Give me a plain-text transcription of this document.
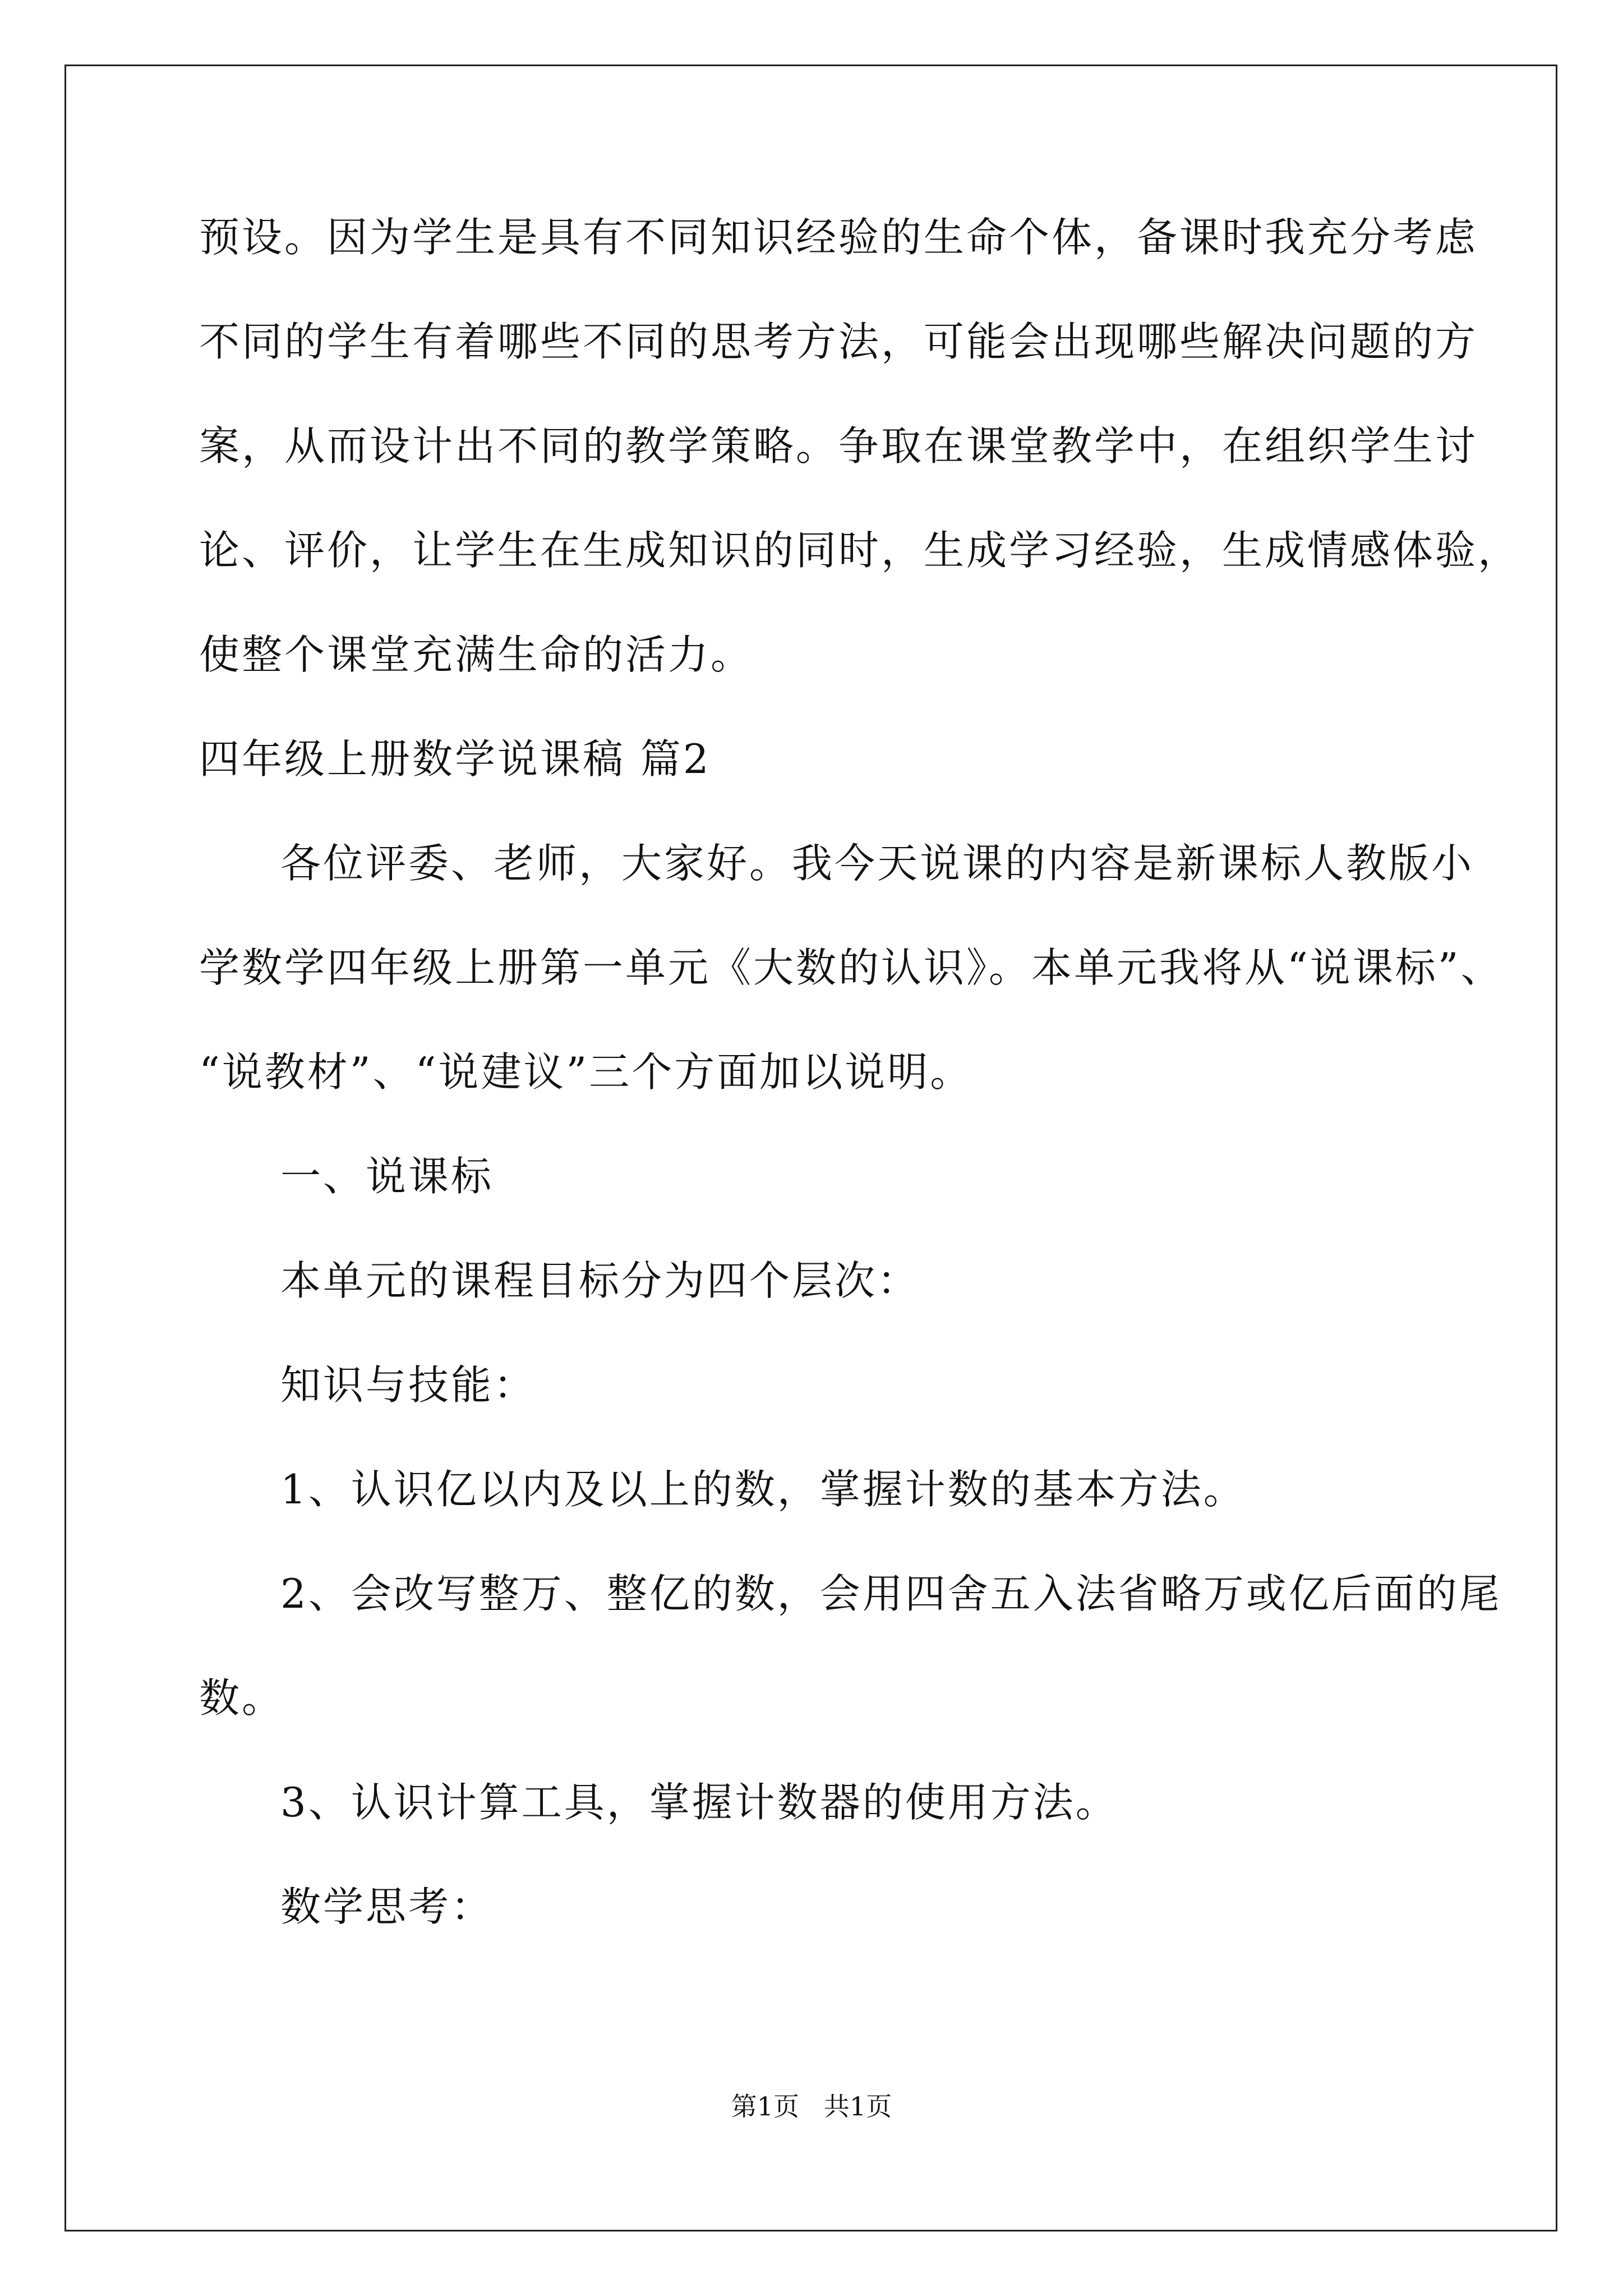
预设。因为学生是具有不同知识经验的生命个体，备课时我充分考虑
不同的学生有着哪些不同的思考方法，可能会出现哪些解决问题的方
案，从而设计出不同的教学策略。争取在课堂教学中，在组织学生讨
论、评价，让学生在生成知识的同时，生成学习经验，生成情感体验，
使整个课堂充满生命的活力。
四年级上册数学说课稿 篇2
各位评委、老师，大家好。我今天说课的内容是新课标人教版小
学数学四年级上册第一单元《大数的认识》。本单元我将从“说课标”、
“说教材”、“说建议”三个方面加以说明。
一、说课标
本单元的课程目标分为四个层次：
知识与技能：
1、认识亿以内及以上的数，掌握计数的基本方法。
2、会改写整万、整亿的数，会用四舍五入法省略万或亿后面的尾
数。
3、认识计算工具，掌握计数器的使用方法。
数学思考：
第1页   共1页
